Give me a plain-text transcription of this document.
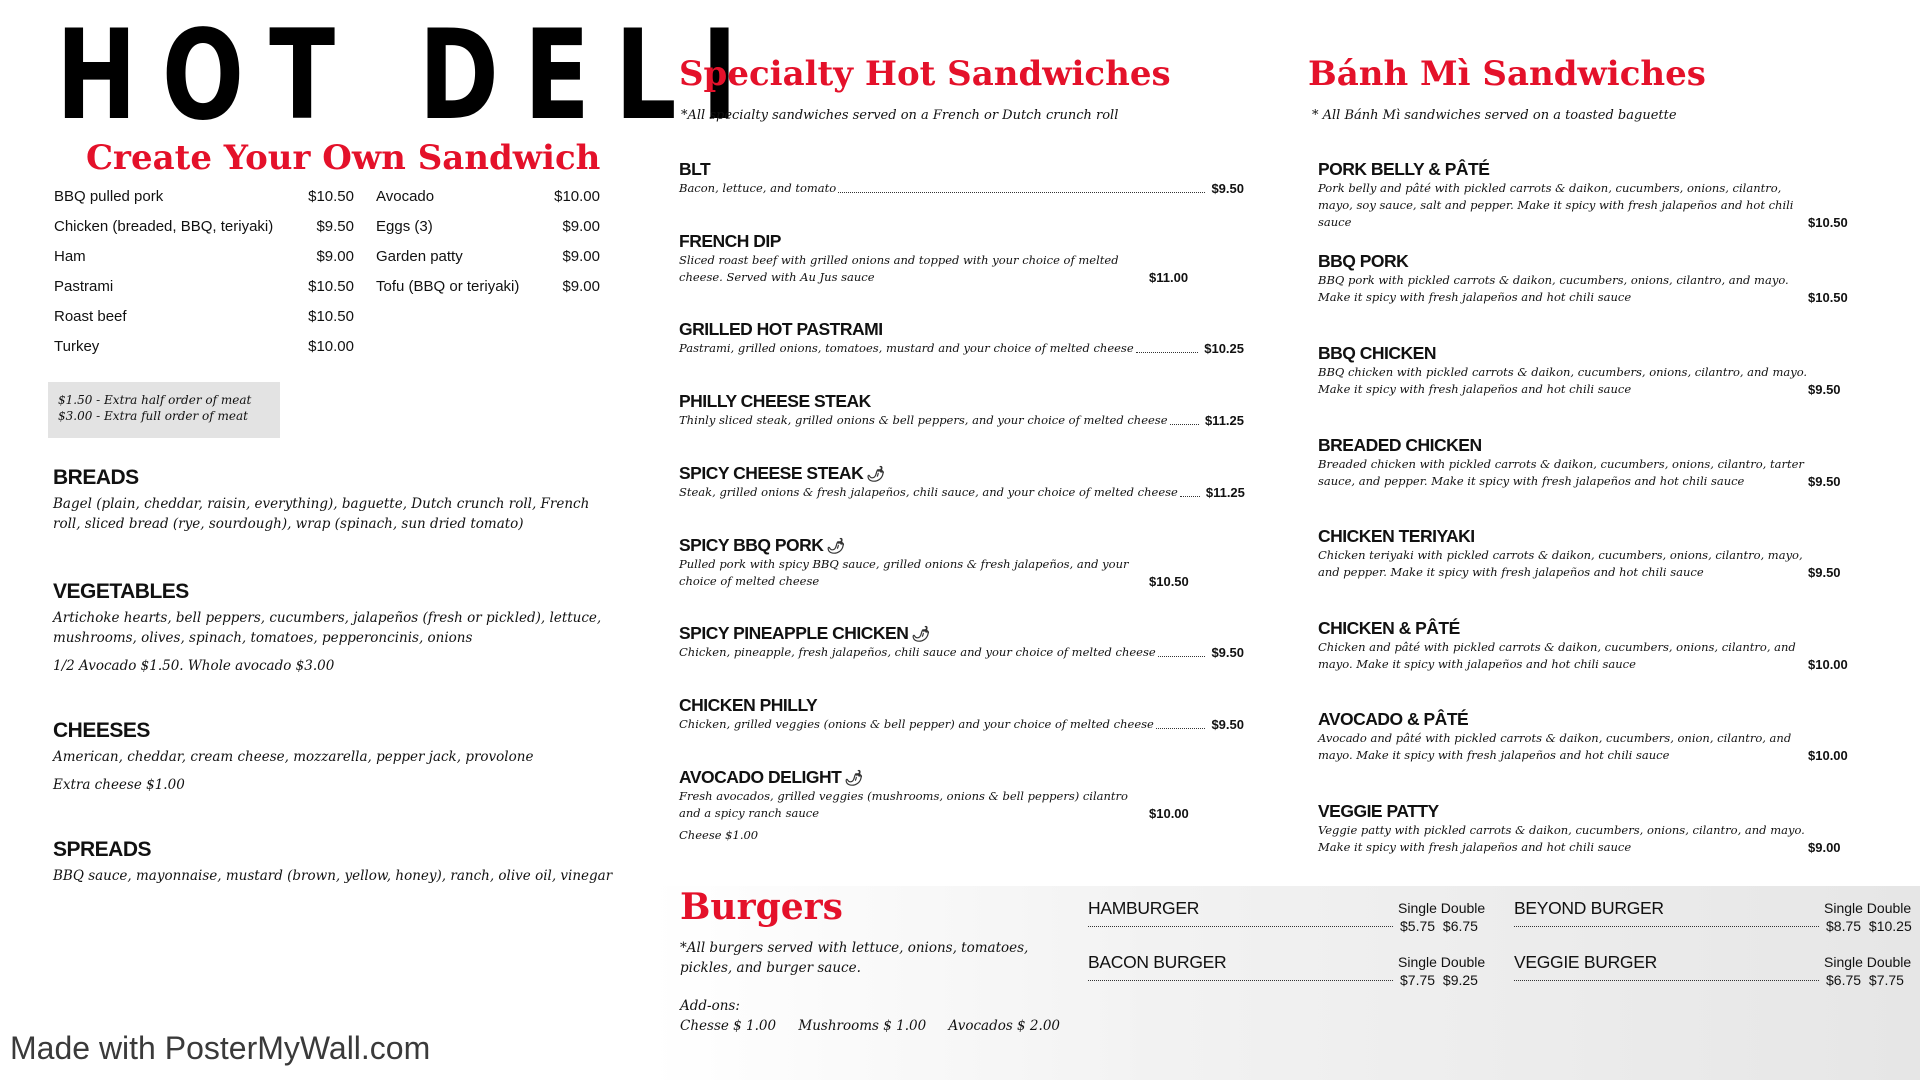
HOT DELI
Create Your Own Sandwich
BBQ pulled pork	$10.50
Chicken (breaded, BBQ, teriyaki)	$9.50
Ham	$9.00
Pastrami	$10.50
Roast beef	$10.50
Turkey	$10.00
Avocado	$10.00
Eggs (3)	$9.00
Garden patty	$9.00
Tofu (BBQ or teriyaki)	$9.00
$1.50 - Extra half order of meat
$3.00 - Extra full order of meat
BREADS

Bagel (plain, cheddar, raisin, everything), baguette, Dutch crunch roll, French roll, sliced bread (rye, sourdough), wrap (spinach, sun dried tomato)

VEGETABLES

Artichoke hearts, bell peppers, cucumbers, jalapeños (fresh or pickled), lettuce, mushrooms, olives, spinach, tomatoes, pepperoncinis, onions

1/2 Avocado $1.50. Whole avocado $3.00
CHEESES

American, cheddar, cream cheese, mozzarella, pepper jack, provolone

Extra cheese $1.00
SPREADS

BBQ sauce, mayonnaise, mustard (brown, yellow, honey), ranch, olive oil, vinegar

Specialty Hot Sandwiches
*All specialty sandwiches served on a French or Dutch crunch roll
BLT
Bacon, lettuce, and tomato	$9.50
FRENCH DIP
Sliced roast beef with grilled onions and topped with your choice of melted cheese. Served with Au Jus sauce	$11.00
GRILLED HOT PASTRAMI
Pastrami, grilled onions, tomatoes, mustard and your choice of melted cheese	$10.25
PHILLY CHEESE STEAK
Thinly sliced steak, grilled onions & bell peppers, and your choice of melted cheese	$11.25
SPICY CHEESE STEAK 🌶︎
Steak, grilled onions & fresh jalapeños, chili sauce, and your choice of melted cheese $11.25
SPICY BBQ PORK 🌶︎
Pulled pork with spicy BBQ sauce, grilled onions & fresh jalapeños, and your choice of melted cheese	$10.50
SPICY PINEAPPLE CHICKEN 🌶︎
Chicken, pineapple, fresh jalapeños, chili sauce and your choice of melted cheese	$9.50
CHICKEN PHILLY
Chicken, grilled veggies (onions & bell pepper) and your choice of melted cheese	$9.50
AVOCADO DELIGHT 🌶︎
Fresh avocados, grilled veggies (mushrooms, onions & bell peppers) cilantro and a spicy ranch sauce	$10.00
Cheese $1.00
Bánh Mì Sandwiches
* All Bánh Mì sandwiches served on a toasted baguette
PORK BELLY & PÂTÉ
Pork belly and pâté with pickled carrots & daikon, cucumbers, onions, cilantro, mayo, soy sauce, salt and pepper. Make it spicy with fresh jalapeños and hot chili sauce	$10.50
BBQ PORK
BBQ pork with pickled carrots & daikon, cucumbers, onions, cilantro, and mayo. Make it spicy with fresh jalapeños and hot chili sauce	$10.50
BBQ CHICKEN
BBQ chicken with pickled carrots & daikon, cucumbers, onions, cilantro, and mayo. Make it spicy with fresh jalapeños and hot chili sauce	$9.50
BREADED CHICKEN
Breaded chicken with pickled carrots & daikon, cucumbers, onions, cilantro, tarter sauce, and pepper. Make it spicy with fresh jalapeños and hot chili sauce	$9.50
CHICKEN TERIYAKI
Chicken teriyaki with pickled carrots & daikon, cucumbers, onions, cilantro, mayo, and pepper. Make it spicy with fresh jalapeños and hot chili sauce	$9.50
CHICKEN & PÂTÉ
Chicken and pâté with pickled carrots & daikon, cucumbers, onions, cilantro, and mayo. Make it spicy with jalapeños and hot chili sauce	$10.00
AVOCADO & PÂTÉ
Avocado and pâté with pickled carrots & daikon, cucumbers, onion, cilantro, and mayo. Make it spicy with fresh jalapeños and hot chili sauce	$10.00
VEGGIE PATTY
Veggie patty with pickled carrots & daikon, cucumbers, onions, cilantro, and mayo. Make it spicy with fresh jalapeños and hot chili sauce	$9.00
Burgers
*All burgers served with lettuce, onions, tomatoes, pickles, and burger sauce.
Add-ons:
Chesse $ 1.00 Mushrooms $ 1.00 Avocados $ 2.00
HAMBURGER	Single Double
$5.75 $6.75
BEYOND BURGER	Single Double
$8.75 $10.25
BACON BURGER	Single Double
$7.75 $9.25
VEGGIE BURGER	Single Double
$6.75 $7.75
Made with PosterMyWall.com
